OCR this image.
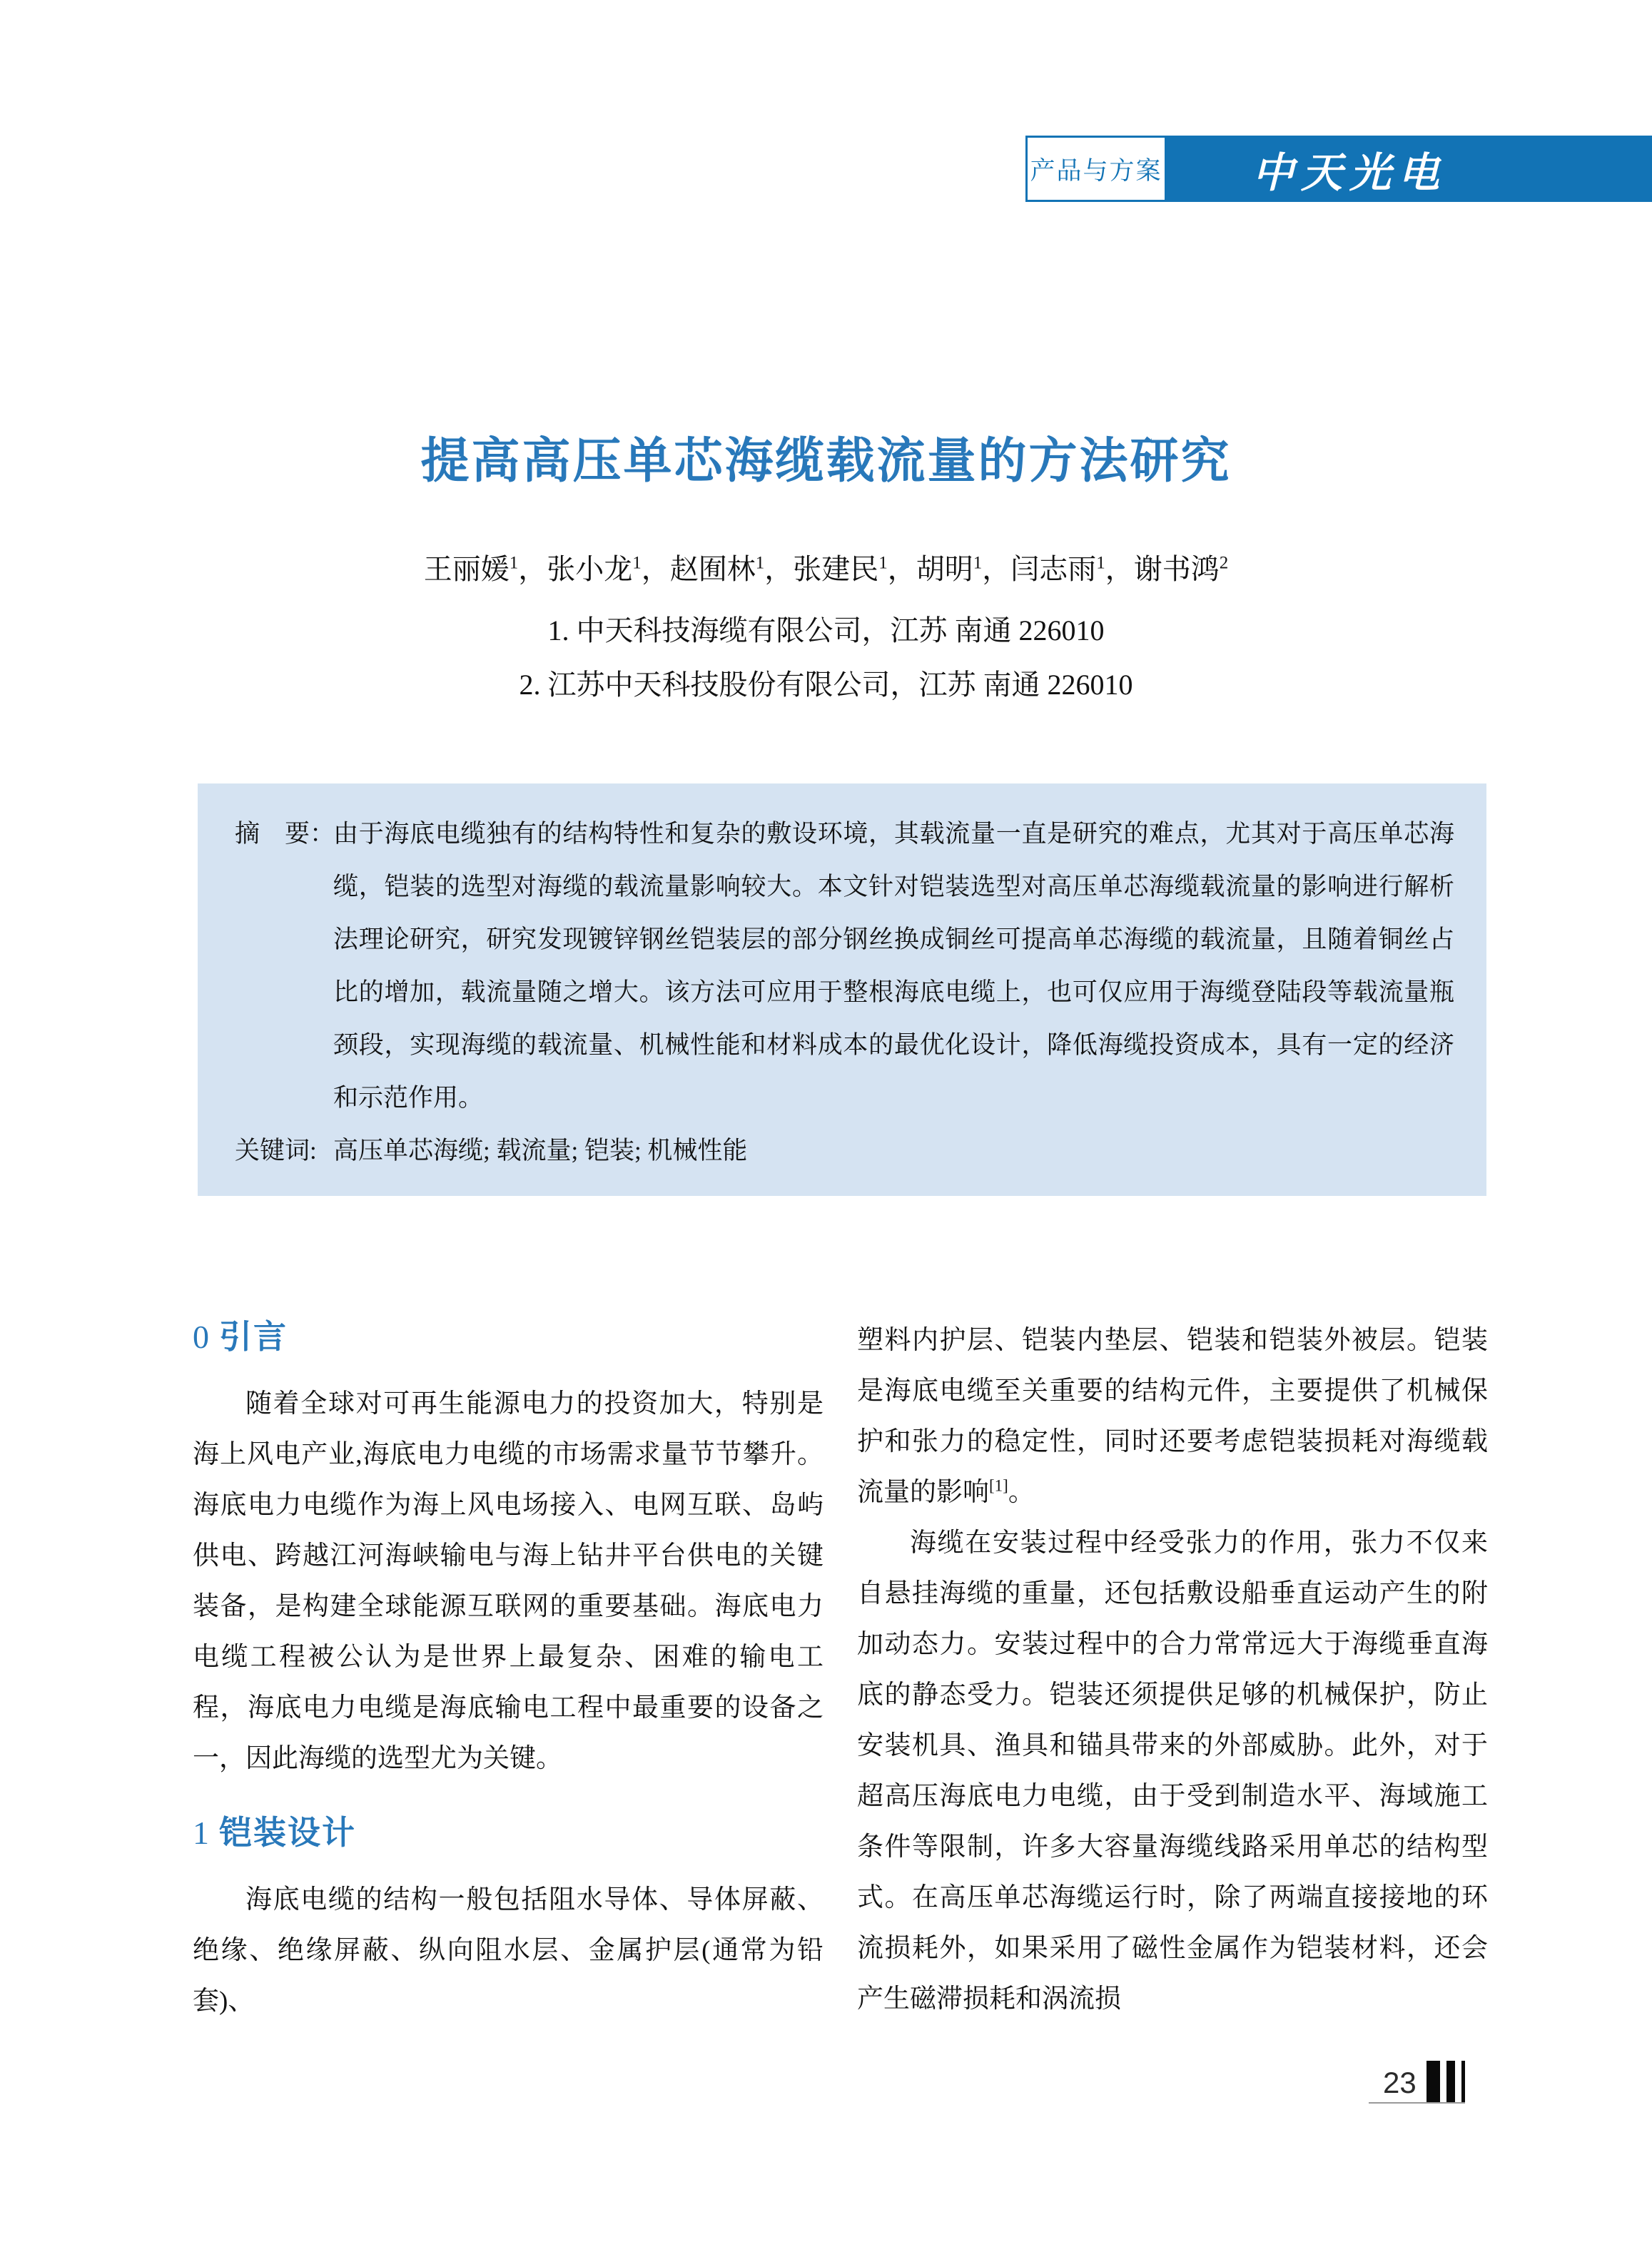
产品与方案 中天光电
提高高压单芯海缆载流量的方法研究
王丽媛$^1$，张小龙$^1$，赵囿林$^1$，张建民$^1$，胡明$^1$，闫志雨$^1$，谢书鸿$^2$
1. 中天科技海缆有限公司，江苏 南通 226010
2. 江苏中天科技股份有限公司，江苏 南通 226010
摘　要：
由于海底电缆独有的结构特性和复杂的敷设环境，其载流量一直是研究的难点，尤其对于高压单芯海缆，铠装的选型对海缆的载流量影响较大。本文针对铠装选型对高压单芯海缆载流量的影响进行解析法理论研究，研究发现镀锌钢丝铠装层的部分钢丝换成铜丝可提高单芯海缆的载流量，且随着铜丝占比的增加，载流量随之增大。该方法可应用于整根海底电缆上，也可仅应用于海缆登陆段等载流量瓶颈段，实现海缆的载流量、机械性能和材料成本的最优化设计，降低海缆投资成本，具有一定的经济和示范作用。
关键词: 高压单芯海缆; 载流量; 铠装; 机械性能
0 引言

随着全球对可再生能源电力的投资加大，特别是海上风电产业,海底电力电缆的市场需求量节节攀升。海底电力电缆作为海上风电场接入、电网互联、岛屿供电、跨越江河海峡输电与海上钻井平台供电的关键装备，是构建全球能源互联网的重要基础。海底电力电缆工程被公认为是世界上最复杂、困难的输电工程，海底电力电缆是海底输电工程中最重要的设备之一，因此海缆的选型尤为关键。

1 铠装设计

海底电缆的结构一般包括阻水导体、导体屏蔽、绝缘、绝缘屏蔽、纵向阻水层、金属护层(通常为铅套)、

塑料内护层、铠装内垫层、铠装和铠装外被层。铠装是海底电缆至关重要的结构元件，主要提供了机械保护和张力的稳定性，同时还要考虑铠装损耗对海缆载流量的影响[1]。

海缆在安装过程中经受张力的作用，张力不仅来自悬挂海缆的重量，还包括敷设船垂直运动产生的附加动态力。安装过程中的合力常常远大于海缆垂直海底的静态受力。铠装还须提供足够的机械保护，防止安装机具、渔具和锚具带来的外部威胁。此外，对于超高压海底电力电缆，由于受到制造水平、海域施工条件等限制，许多大容量海缆线路采用单芯的结构型式。在高压单芯海缆运行时，除了两端直接接地的环流损耗外，如果采用了磁性金属作为铠装材料，还会产生磁滞损耗和涡流损

23
